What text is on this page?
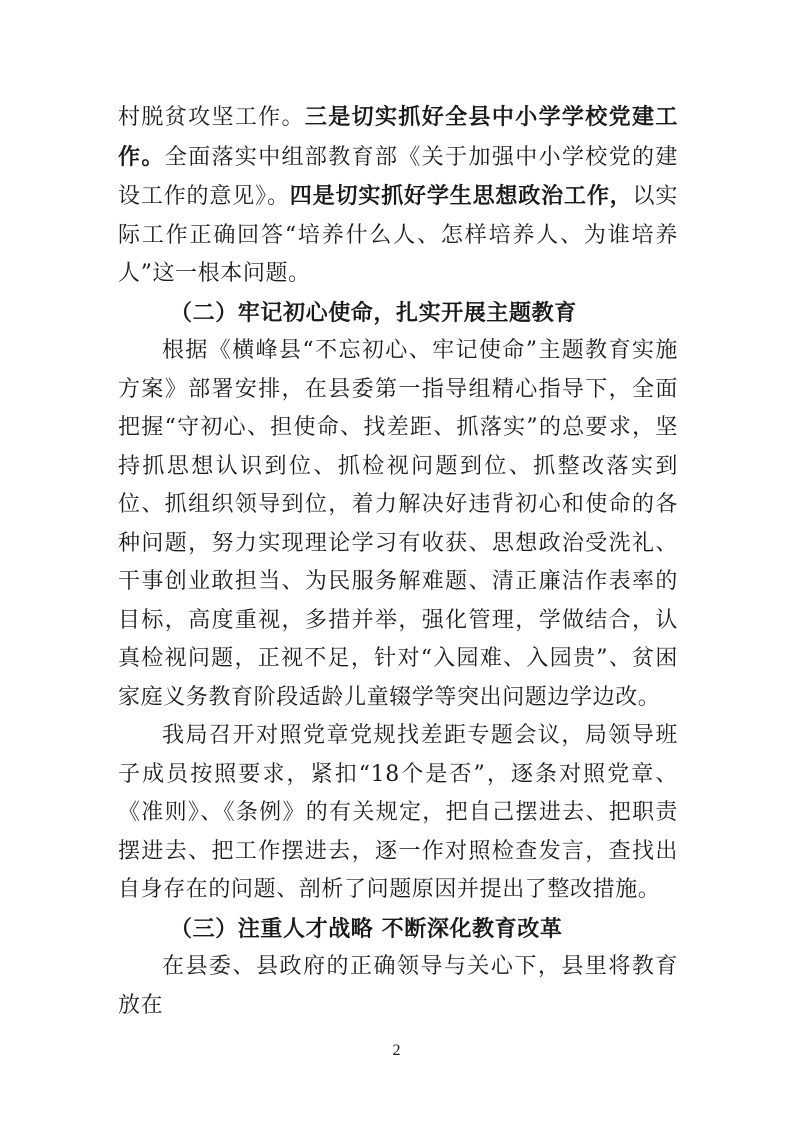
村脱贫攻坚工作。三是切实抓好全县中小学学校党建工作。全面落实中组部教育部《关于加强中小学校党的建设工作的意见》。四是切实抓好学生思想政治工作，以实际工作正确回答“培养什么人、怎样培养人、为谁培养人”这一根本问题。

（二）牢记初心使命，扎实开展主题教育

根据《横峰县“不忘初心、牢记使命”主题教育实施方案》部署安排，在县委第一指导组精心指导下，全面把握“守初心、担使命、找差距、抓落实”的总要求，坚持抓思想认识到位、抓检视问题到位、抓整改落实到位、抓组织领导到位，着力解决好违背初心和使命的各种问题，努力实现理论学习有收获、思想政治受洗礼、干事创业敢担当、为民服务解难题、清正廉洁作表率的目标，高度重视，多措并举，强化管理，学做结合，认真检视问题，正视不足，针对“入园难、入园贵”、贫困家庭义务教育阶段适龄儿童辍学等突出问题边学边改。

我局召开对照党章党规找差距专题会议，局领导班子成员按照要求，紧扣“18个是否”，逐条对照党章、《准则》、《条例》的有关规定，把自己摆进去、把职责摆进去、把工作摆进去，逐一作对照检查发言，查找出自身存在的问题、剖析了问题原因并提出了整改措施。

（三）注重人才战略 不断深化教育改革

在县委、县政府的正确领导与关心下，县里将教育放在

2
